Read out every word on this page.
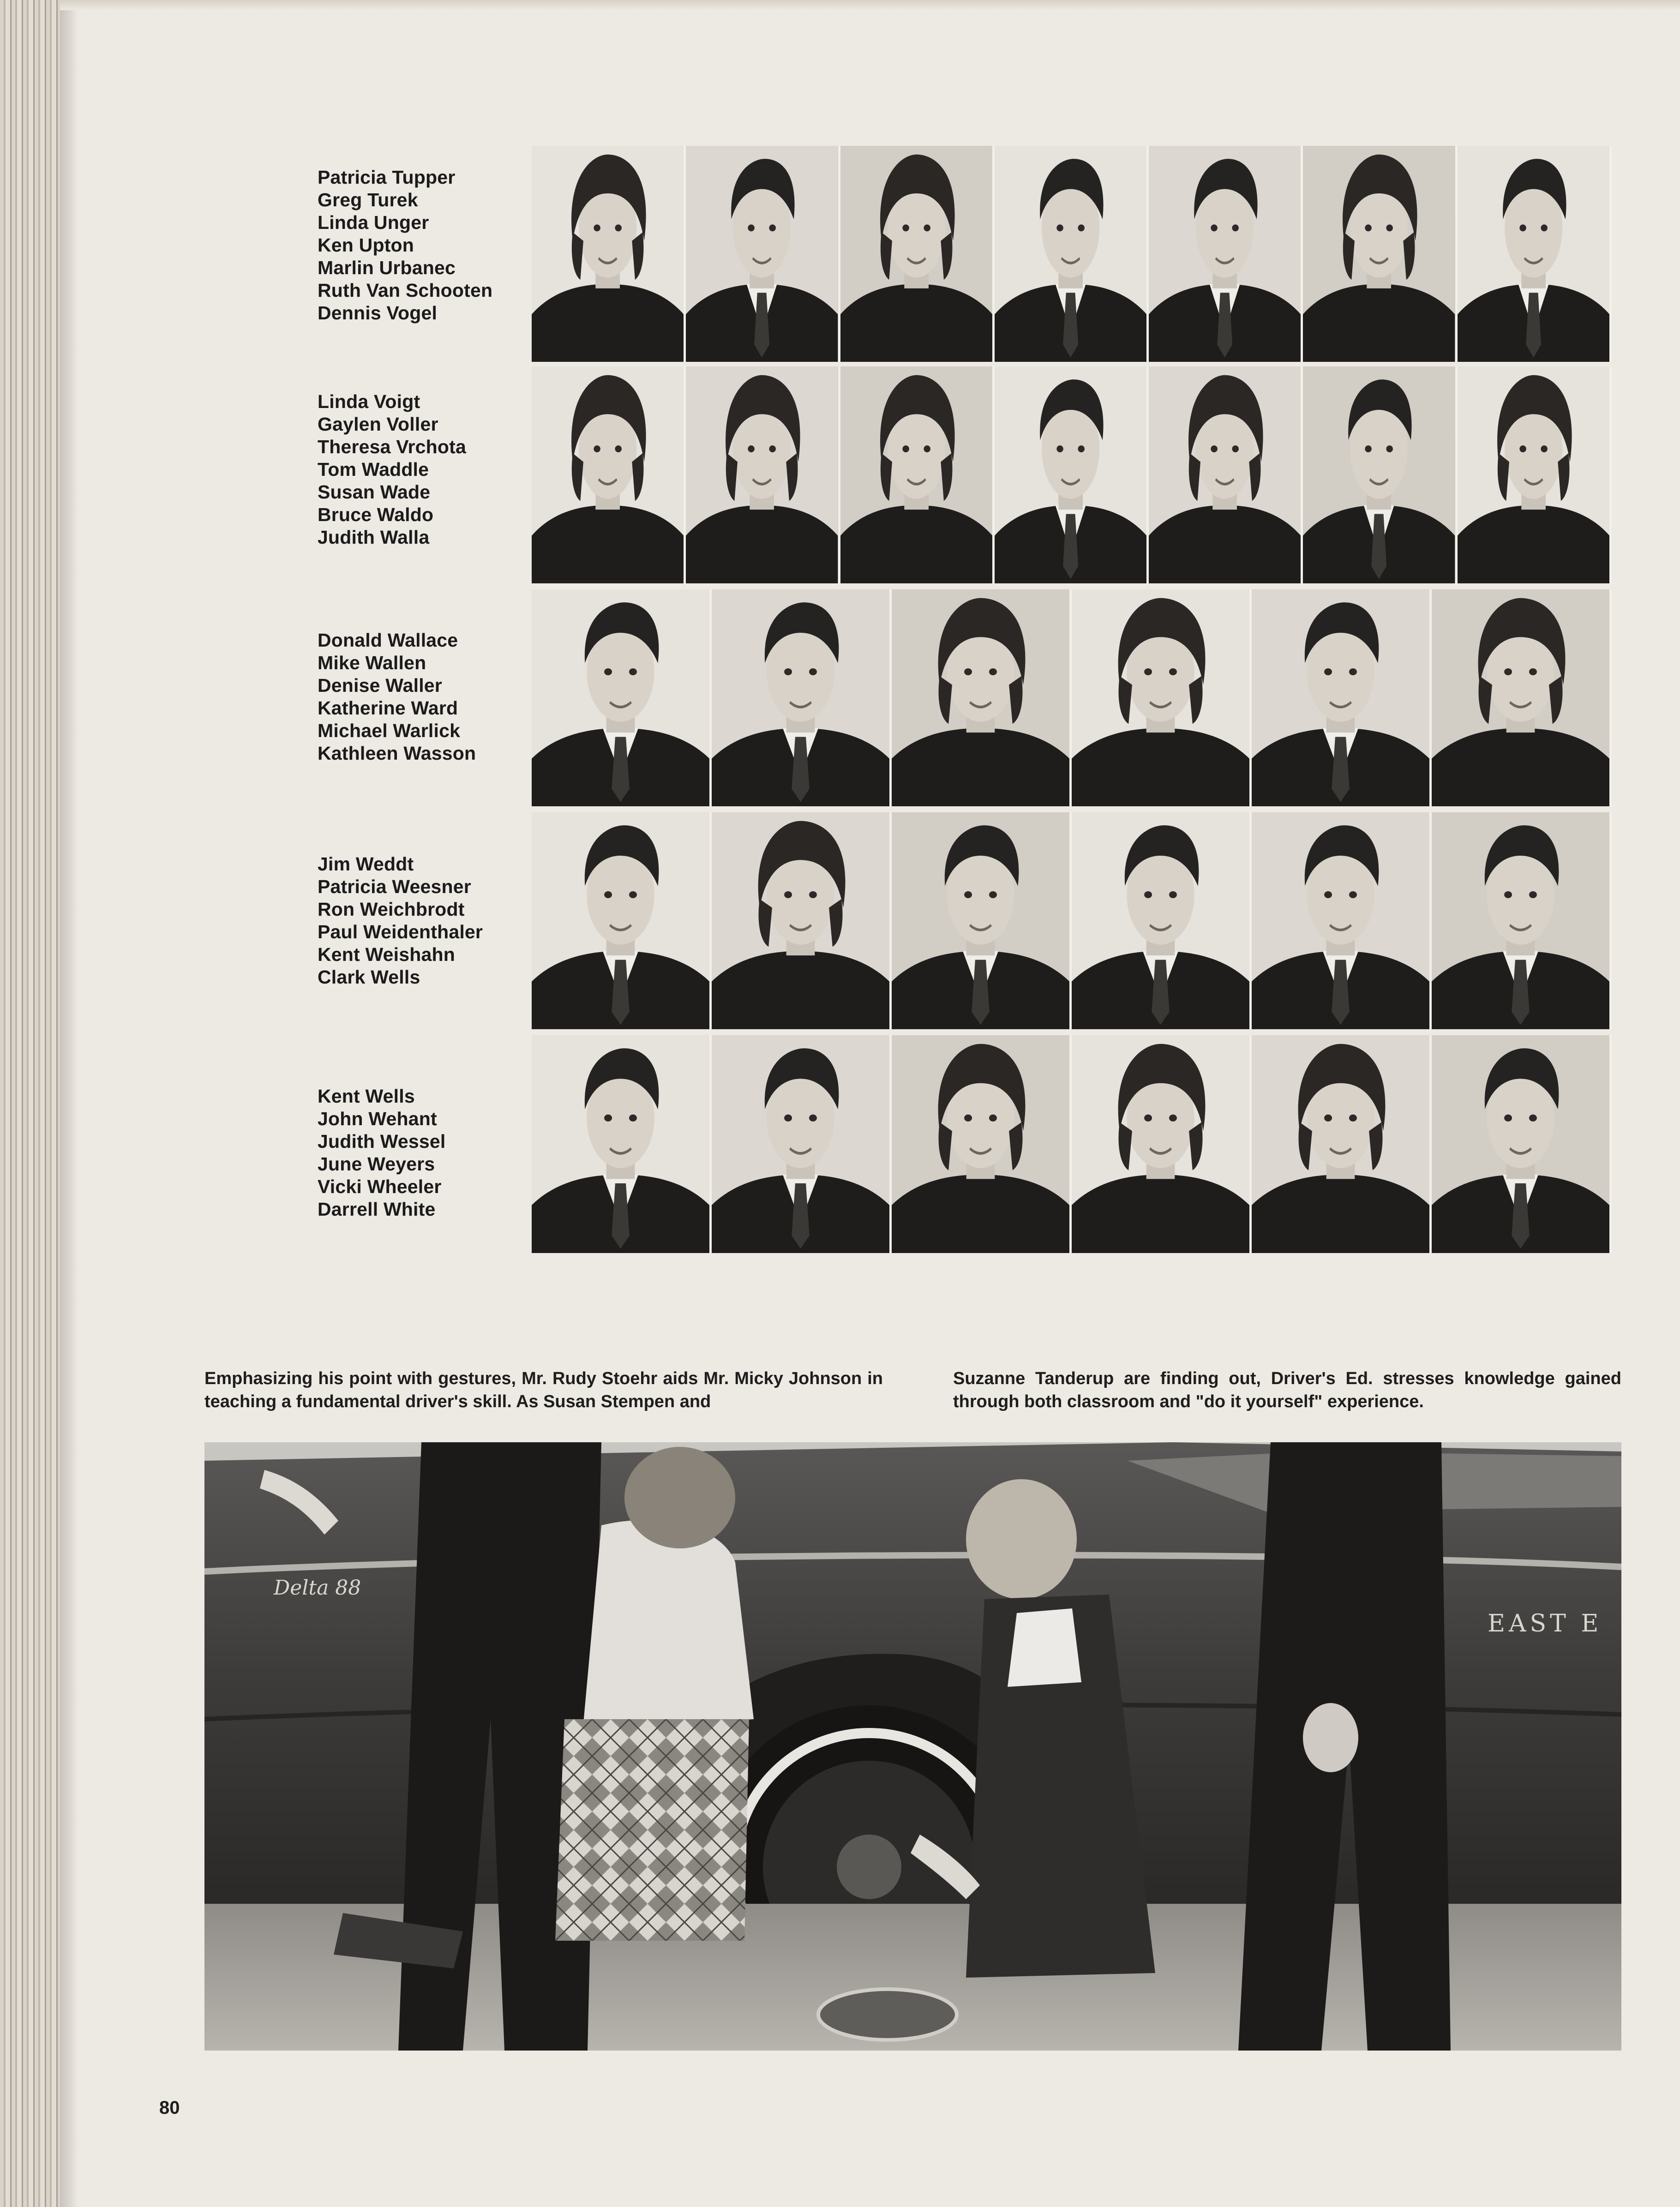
Patricia Tupper
Greg Turek
Linda Unger
Ken Upton
Marlin Urbanec
Ruth Van Schooten
Dennis Vogel
Linda Voigt
Gaylen Voller
Theresa Vrchota
Tom Waddle
Susan Wade
Bruce Waldo
Judith Walla
Donald Wallace
Mike Wallen
Denise Waller
Katherine Ward
Michael Warlick
Kathleen Wasson
Jim Weddt
Patricia Weesner
Ron Weichbrodt
Paul Weidenthaler
Kent Weishahn
Clark Wells
Kent Wells
John Wehant
Judith Wessel
June Weyers
Vicki Wheeler
Darrell White
Emphasizing his point with gestures, Mr. Rudy Stoehr aids Mr. Micky Johnson in teaching a fundamental driver's skill. As Susan Stempen and
Suzanne Tanderup are finding out, Driver's Ed. stresses knowledge gained through both classroom and "do it yourself" experience.
Delta 88
EAST E
80
